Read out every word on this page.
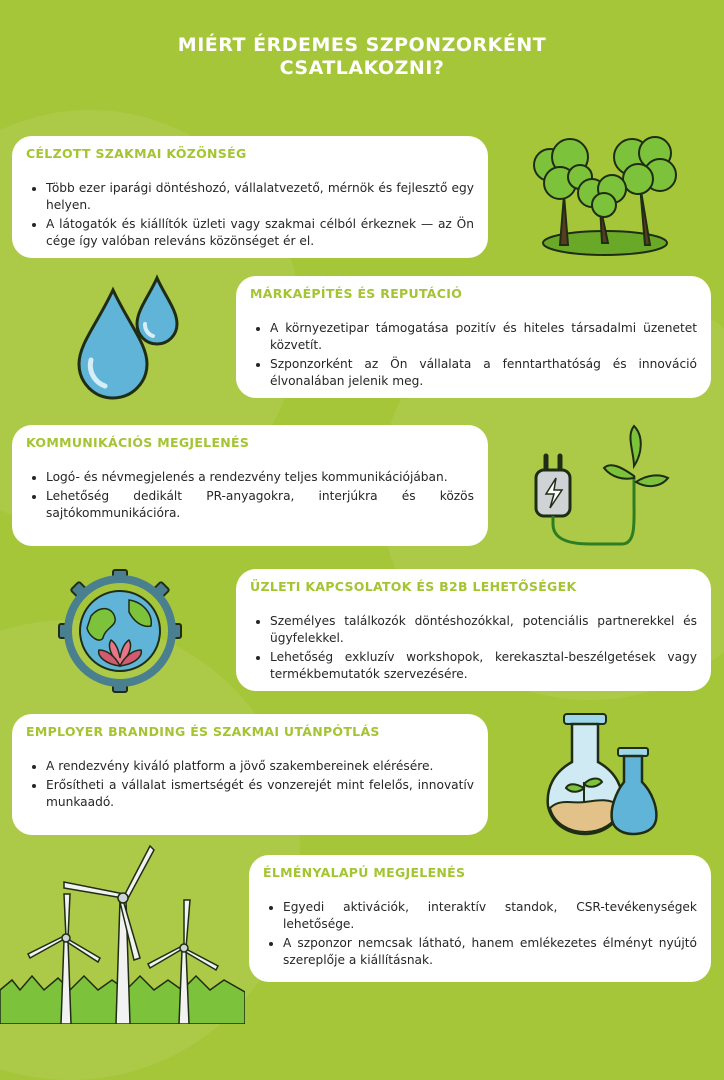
MIÉRT ÉRDEMES SZPONZORKÉNT
CSATLAKOZNI?
CÉLZOTT SZAKMAI KÖZÖNSÉG
• Több ezer iparági döntéshozó, vállalatvezető, mérnök és fejlesztő egy helyen.
• A látogatók és kiállítók üzleti vagy szakmai célból érkeznek — az Ön cége így valóban releváns közönséget ér el.
MÁRKAÉPÍTÉS ÉS REPUTÁCIÓ
• A környezetipar támogatása pozitív és hiteles társadalmi üzenetet közvetít.
• Szponzorként az Ön vállalata a fenntarthatóság és innováció élvonalában jelenik meg.
KOMMUNIKÁCIÓS MEGJELENÉS
• Logó- és névmegjelenés a rendezvény teljes kommunikációjában.
• Lehetőség dedikált PR-anyagokra, interjúkra és közös sajtókommunikációra.
ÜZLETI KAPCSOLATOK ÉS B2B LEHETŐSÉGEK
• Személyes találkozók döntéshozókkal, potenciális partnerekkel és ügyfelekkel.
• Lehetőség exkluzív workshopok, kerekasztal-beszélgetések vagy termékbemutatók szervezésére.
EMPLOYER BRANDING ÉS SZAKMAI UTÁNPÓTLÁS
• A rendezvény kiváló platform a jövő szakembereinek elérésére.
• Erősítheti a vállalat ismertségét és vonzerejét mint felelős, innovatív munkaadó.
ÉLMÉNYALAPÚ MEGJELENÉS
• Egyedi aktivációk, interaktív standok, CSR-tevékenységek lehetősége.
• A szponzor nemcsak látható, hanem emlékezetes élményt nyújtó szereplője a kiállításnak.
